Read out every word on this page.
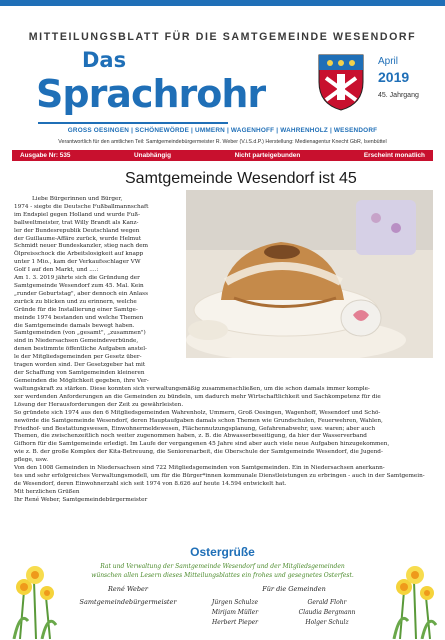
MITTEILUNGSBLATT FÜR DIE SAMTGEMEINDE WESENDORF
Das
Sprachrohr
April
2019
45. Jahrgang
GROSS OESINGEN | SCHÖNEWÖRDE | UMMERN | WAGENHOFF | WAHRENHOLZ | WESENDORF
Verantwortlich für den amtlichen Teil: Samtgemeindebürgermeister R. Weber (V.i.S.d.P.) Herstellung: Medienagentur Knecht GbR, Isenbüttel
Ausgabe Nr: 535	Unabhängig	Nicht parteigebunden	Erscheint monatlich
Samtgemeinde Wesendorf ist 45
Liebe Bürgerinnen und Bürger,
1974 - siegte die Deutsche Fußballmannschaft
im Endspiel gegen Holland und wurde Fuß-
ballweltmeister, trat Willy Brandt als Kanz-
ler der Bundesrepublik Deutschland wegen
der Guillaume-Affäre zurück, wurde Helmut
Schmidt neuer Bundeskanzler, stieg nach dem
Ölpreisschock die Arbeitslosigkeit auf knapp
unter 1 Mio., kam der Verkaufsschlager VW
Golf I auf den Markt, und ....:
Am 1. 3. 2019 jährte sich die Gründung der
Samtgemeinde Wesendorf zum 45. Mal. Kein
„runder Geburtstag", aber dennoch ein Anlass
zurück zu blicken und zu erinnern, welche
Gründe für die Installierung einer Samtge-
meinde 1974 bestanden und welche Themen
die Samtgemeinde damals bewegt haben.
Samtgemeinden (von „gesamt", „zusammen")
sind in Niedersachsen Gemeindeverbünde,
denen bestimmte öffentliche Aufgaben anstel-
le der Mitgliedsgemeinden per Gesetz über-
tragen worden sind. Der Gesetzgeber hat mit
der Schaffung von Samtgemeinden kleineren
Gemeinden die Möglichkeit gegeben, ihre Ver-
waltungskraft zu stärken. Diese konnten sich verwaltungsmäßig zusammenschließen, um die schon damals immer komple-
xer werdenden Anforderungen an die Gemeinden zu bündeln, um dadurch mehr Wirtschaftlichkeit und Sachkompetenz für die
Lösung der Herausforderungen der Zeit zu gewährleisten.
So gründete sich 1974 aus den 6 Mitgliedsgemeinden Wahrenholz, Ummern, Groß Oesingen, Wagenhoff, Wesendorf und Schö-
newörde die Samtgemeinde Wesendorf, deren Hauptaufgaben damals schon Themen wie Grundschulen, Feuerwehren, Wahlen,
Friedhof- und Bestattungswesen, Einwohnermeldewesen, Flächennutzungsplanung, Gefahrenabwehr, usw. waren; aber auch
Themen, die zwischenzeitlich noch weiter zugenommen haben, z. B. die Abwasserbeseitigung, da hier der Wasserverband
Gifhorn für die Samtgemeinde erledigt. Im Laufe der vergangenen 45 Jahre sind aber auch viele neue Aufgaben hinzugekommen,
wie z. B. der große Komplex der Kita-Betreuung, die Seniorenarbeit, die Oberschule der Samtgemeinde Wesendorf, die Jugend-
pflege, usw.
Von den 1008 Gemeinden in Niedersachsen sind 722 Mitgliedsgemeinden von Samtgemeinden. Ein in Niedersachsen anerkann-
tes und sehr erfolgreiches Verwaltungsmodell, um für die Bürger*innen kommunale Dienstleistungen zu erbringen - auch in der Samtgemein-
de Wesendorf, deren Einwohnerzahl sich seit 1974 von 8.626 auf heute 14.594 entwickelt hat.
Mit herzlichen Grüßen
Ihr René Weber, Samtgemeindebürgermeister
Ostergrüße
Rat und Verwaltung der Samtgemeinde Wesendorf und der Mitgliedsgemeinden
wünschen allen Lesern dieses Mitteilungsblattes ein frohes und gesegnetes Osterfest.
René Weber
Samtgemeindebürgermeister
Für die Gemeinden
Jürgen Schulze	Gerald Flohr
Mirijam Müller	Claudia Bergmann
Herbert Pieper	Holger Schulz
